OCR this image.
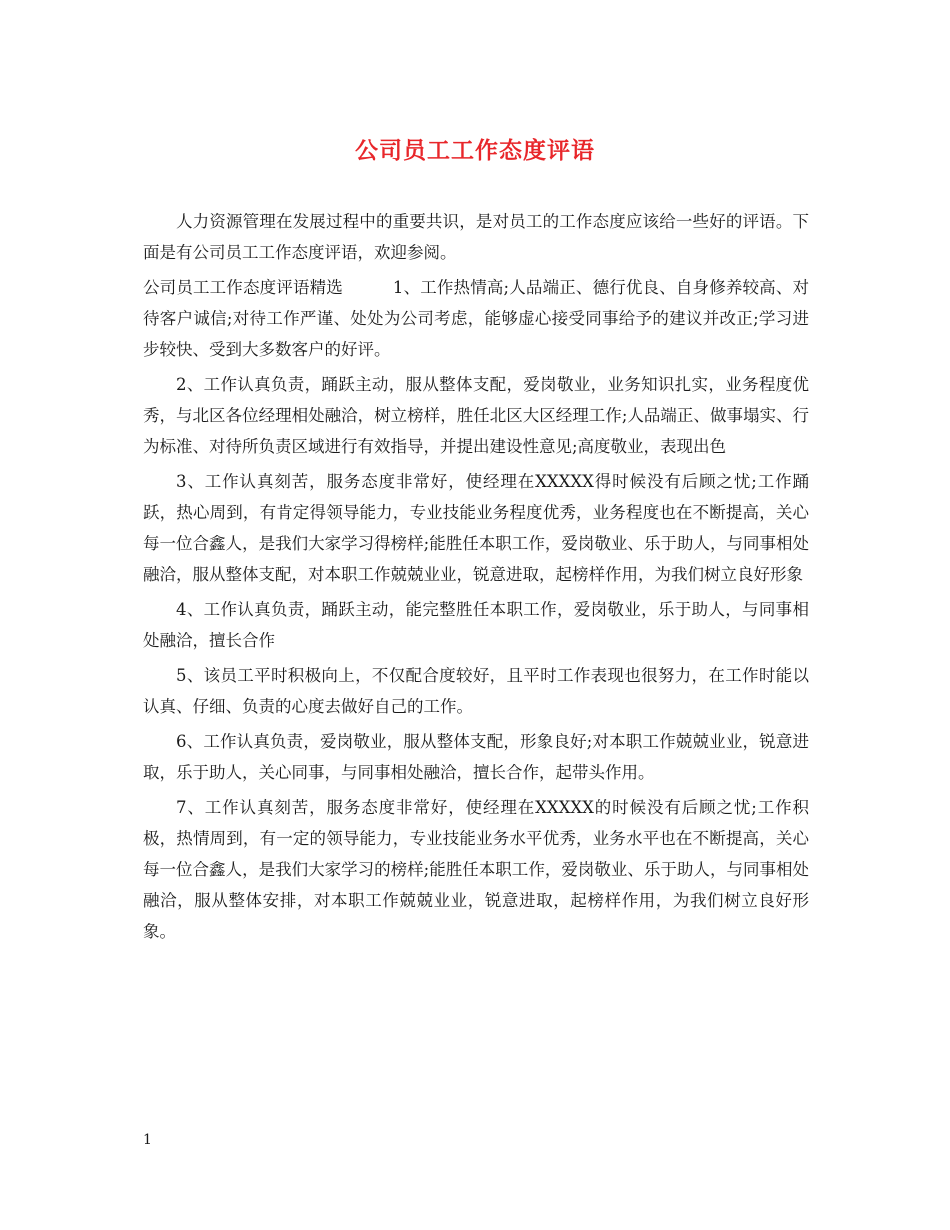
公司员工工作态度评语

人力资源管理在发展过程中的重要共识，是对员工的工作态度应该给一些好的评语。下面是有公司员工工作态度评语，欢迎参阅。

公司员工工作态度评语精选　　　1、工作热情高;人品端正、德行优良、自身修养较高、对待客户诚信;对待工作严谨、处处为公司考虑，能够虚心接受同事给予的建议并改正;学习进步较快、受到大多数客户的好评。

2、工作认真负责，踊跃主动，服从整体支配，爱岗敬业，业务知识扎实，业务程度优秀，与北区各位经理相处融洽，树立榜样，胜任北区大区经理工作;人品端正、做事塌实、行为标准、对待所负责区域进行有效指导，并提出建设性意见;高度敬业，表现出色

3、工作认真刻苦，服务态度非常好，使经理在XXXXX得时候没有后顾之忧;工作踊跃，热心周到，有肯定得领导能力，专业技能业务程度优秀，业务程度也在不断提高，关心每一位合鑫人，是我们大家学习得榜样;能胜任本职工作，爱岗敬业、乐于助人，与同事相处融洽，服从整体支配，对本职工作兢兢业业，锐意进取，起榜样作用，为我们树立良好形象

4、工作认真负责，踊跃主动，能完整胜任本职工作，爱岗敬业，乐于助人，与同事相处融洽，擅长合作

5、该员工平时积极向上，不仅配合度较好，且平时工作表现也很努力，在工作时能以认真、仔细、负责的心度去做好自己的工作。

6、工作认真负责，爱岗敬业，服从整体支配，形象良好;对本职工作兢兢业业，锐意进取，乐于助人，关心同事，与同事相处融洽，擅长合作，起带头作用。

7、工作认真刻苦，服务态度非常好，使经理在XXXXX的时候没有后顾之忧;工作积极，热情周到，有一定的领导能力，专业技能业务水平优秀，业务水平也在不断提高，关心每一位合鑫人，是我们大家学习的榜样;能胜任本职工作，爱岗敬业、乐于助人，与同事相处融洽，服从整体安排，对本职工作兢兢业业，锐意进取，起榜样作用，为我们树立良好形象。

1
